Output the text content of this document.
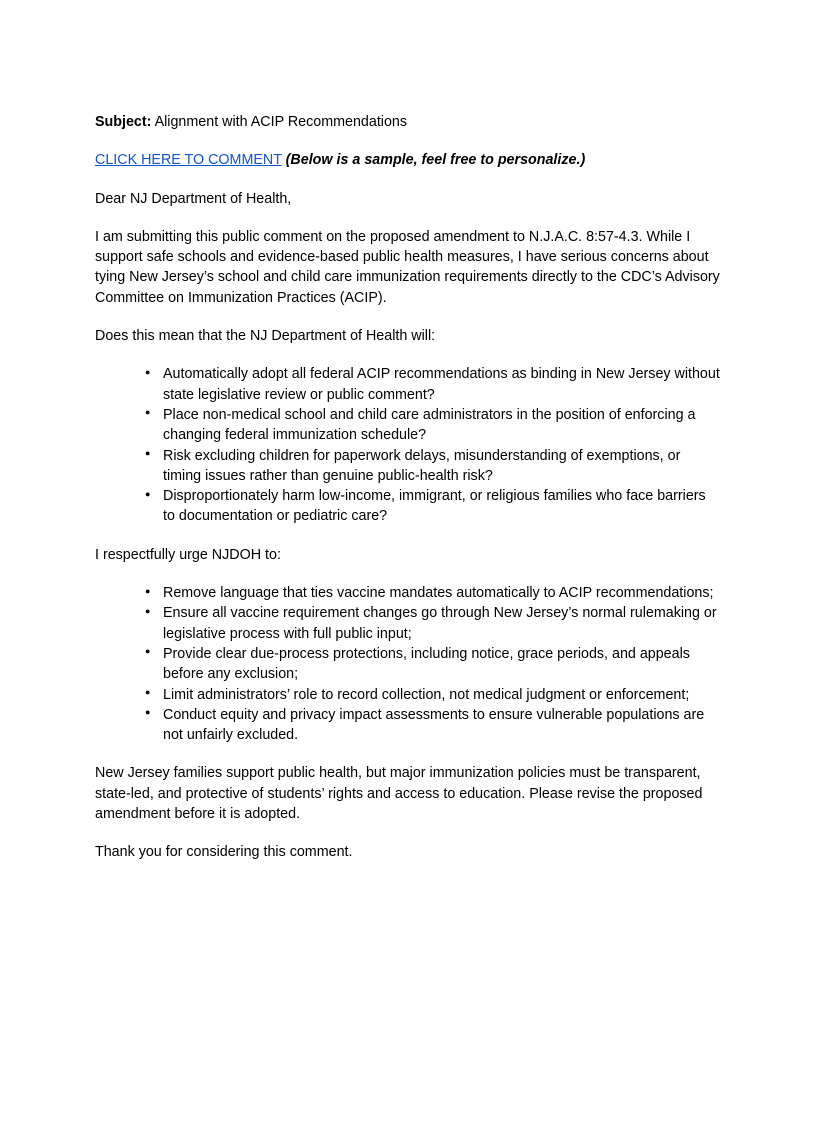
Subject: Alignment with ACIP Recommendations

CLICK HERE TO COMMENT (Below is a sample, feel free to personalize.)

Dear NJ Department of Health,

I am submitting this public comment on the proposed amendment to N.J.A.C. 8:57-4.3. While I support safe schools and evidence-based public health measures, I have serious concerns about tying New Jersey’s school and child care immunization requirements directly to the CDC’s Advisory Committee on Immunization Practices (ACIP).

Does this mean that the NJ Department of Health will:

● Automatically adopt all federal ACIP recommendations as binding in New Jersey without state legislative review or public comment?
● Place non-medical school and child care administrators in the position of enforcing a changing federal immunization schedule?
● Risk excluding children for paperwork delays, misunderstanding of exemptions, or timing issues rather than genuine public-health risk?
● Disproportionately harm low-income, immigrant, or religious families who face barriers to documentation or pediatric care?

I respectfully urge NJDOH to:

● Remove language that ties vaccine mandates automatically to ACIP recommendations;
● Ensure all vaccine requirement changes go through New Jersey’s normal rulemaking or legislative process with full public input;
● Provide clear due-process protections, including notice, grace periods, and appeals before any exclusion;
● Limit administrators’ role to record collection, not medical judgment or enforcement;
● Conduct equity and privacy impact assessments to ensure vulnerable populations are not unfairly excluded.

New Jersey families support public health, but major immunization policies must be transparent, state-led, and protective of students’ rights and access to education. Please revise the proposed amendment before it is adopted.

Thank you for considering this comment.
